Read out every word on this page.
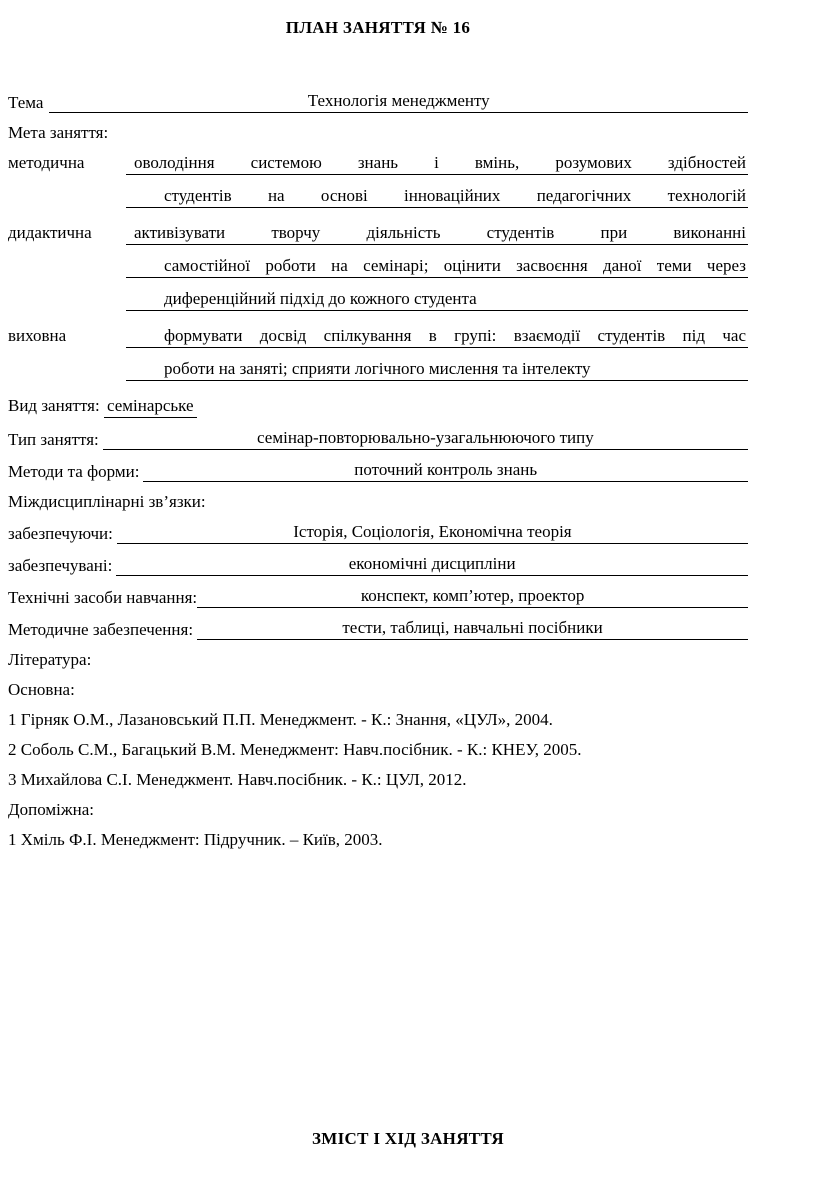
ПЛАН ЗАНЯТТЯ № 16
Тема	Технологія менеджменту
Мета заняття:
методична	оволодіння системою знань і вмінь, розумових здібностей
студентів на основі інноваційних педагогічних технологій
дидактична	активізувати творчу діяльність студентів при виконанні
самостійної роботи на семінарі; оцінити засвоєння даної теми через
диференційний підхід до кожного студента
виховна	формувати досвід спілкування в групі: взаємодії студентів під час
роботи на заняті; сприяти логічного мислення та інтелекту
Вид заняття: семінарське
Тип заняття:	семінар-повторювально-узагальнюючого типу
Методи та форми:	поточний контроль знань
Міждисциплінарні зв’язки:
забезпечуючи:	Історія, Соціологія, Економічна теорія
забезпечувані:	економічні дисципліни
Технічні засоби навчання:	конспект, комп’ютер, проектор
Методичне забезпечення:	тести, таблиці, навчальні посібники
Література:
Основна:
1 Гірняк О.М., Лазановський П.П. Менеджмент. - К.: Знання, «ЦУЛ», 2004.
2 Соболь С.М., Багацький В.М. Менеджмент: Навч.посібник. - К.: КНЕУ, 2005.
3 Михайлова С.І. Менеджмент. Навч.посібник. - К.: ЦУЛ, 2012.
Допоміжна:
1 Хміль Ф.І. Менеджмент: Підручник. – Київ, 2003.
ЗМІСТ І ХІД ЗАНЯТТЯ
